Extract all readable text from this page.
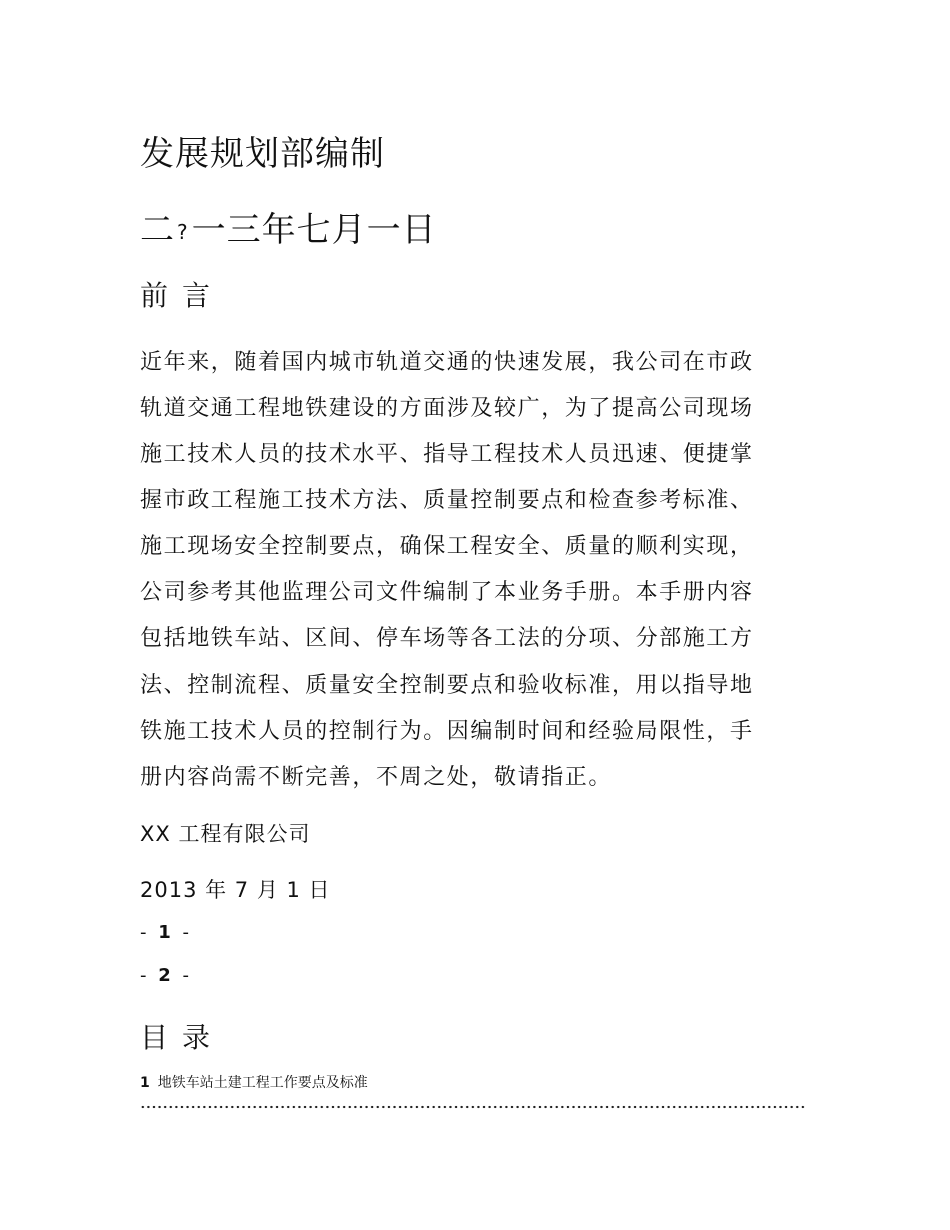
发展规划部编制
二 ? 一三年七月一日
前言
近年来，随着国内城市轨道交通的快速发展，我公司在市政
轨道交通工程地铁建设的方面涉及较广，为了提高公司现场
施工技术人员的技术水平、指导工程技术人员迅速、便捷掌
握市政工程施工技术方法、质量控制要点和检查参考标准、
施工现场安全控制要点，确保工程安全、质量的顺利实现，
公司参考其他监理公司文件编制了本业务手册。本手册内容
包括地铁车站、区间、停车场等各工法的分项、分部施工方
法、控制流程、质量安全控制要点和验收标准，用以指导地
铁施工技术人员的控制行为。因编制时间和经验局限性，手
册内容尚需不断完善，不周之处，敬请指正。
XX 工程有限公司
2013 年 7 月 1 日
- 1 -
- 2 -
目录
1 地铁车站土建工程工作要点及标准
